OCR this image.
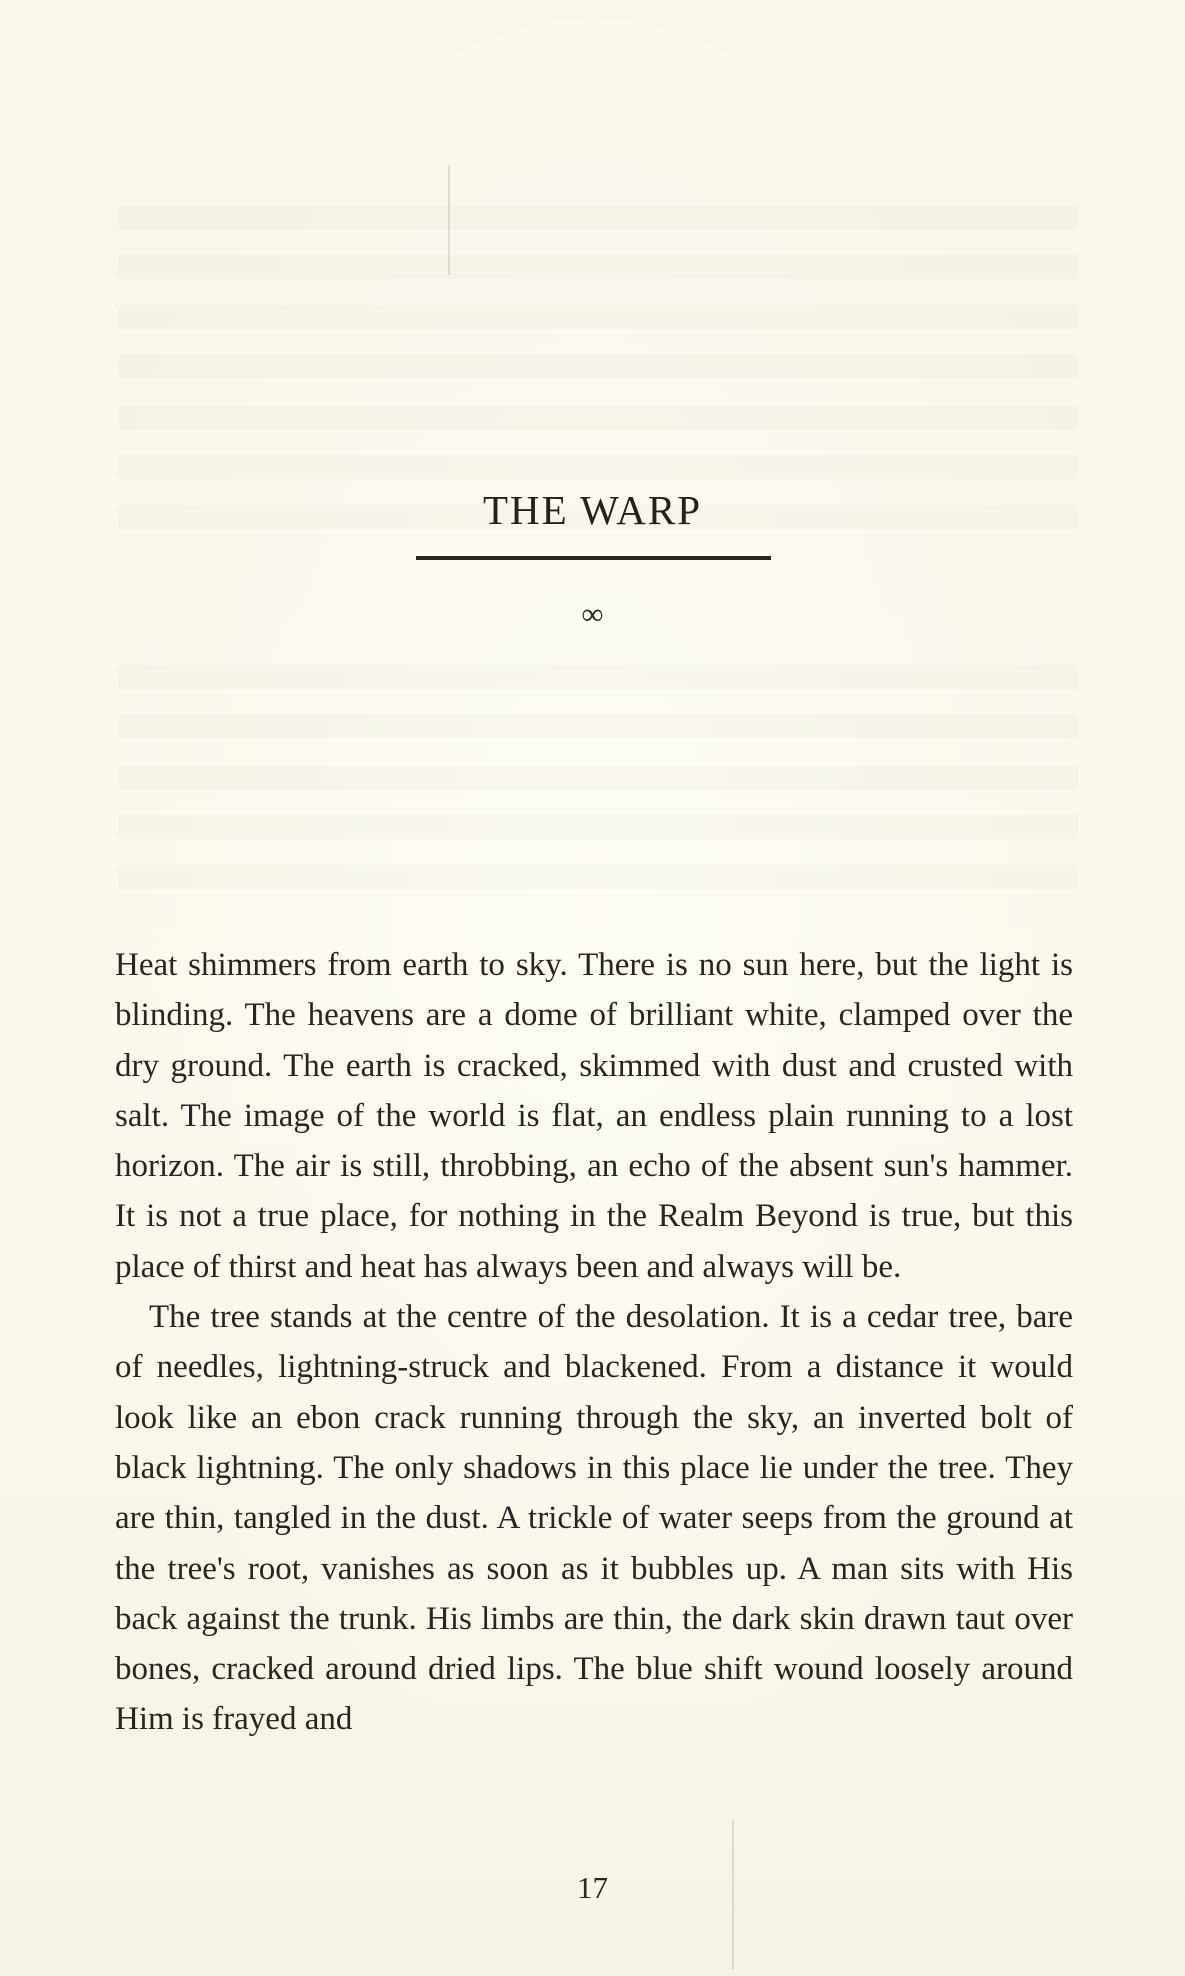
THE WARP
∞

Heat shimmers from earth to sky. There is no sun here, but the light is blinding. The heavens are a dome of brilliant white, clamped over the dry ground. The earth is cracked, skimmed with dust and crusted with salt. The image of the world is flat, an endless plain running to a lost horizon. The air is still, throbbing, an echo of the absent sun's hammer. It is not a true place, for nothing in the Realm Beyond is true, but this place of thirst and heat has always been and always will be.

The tree stands at the centre of the desolation. It is a cedar tree, bare of needles, lightning-struck and blackened. From a distance it would look like an ebon crack running through the sky, an inverted bolt of black lightning. The only shadows in this place lie under the tree. They are thin, tangled in the dust. A trickle of water seeps from the ground at the tree's root, vanishes as soon as it bubbles up. A man sits with His back against the trunk. His limbs are thin, the dark skin drawn taut over bones, cracked around dried lips. The blue shift wound loosely around Him is frayed and

17
